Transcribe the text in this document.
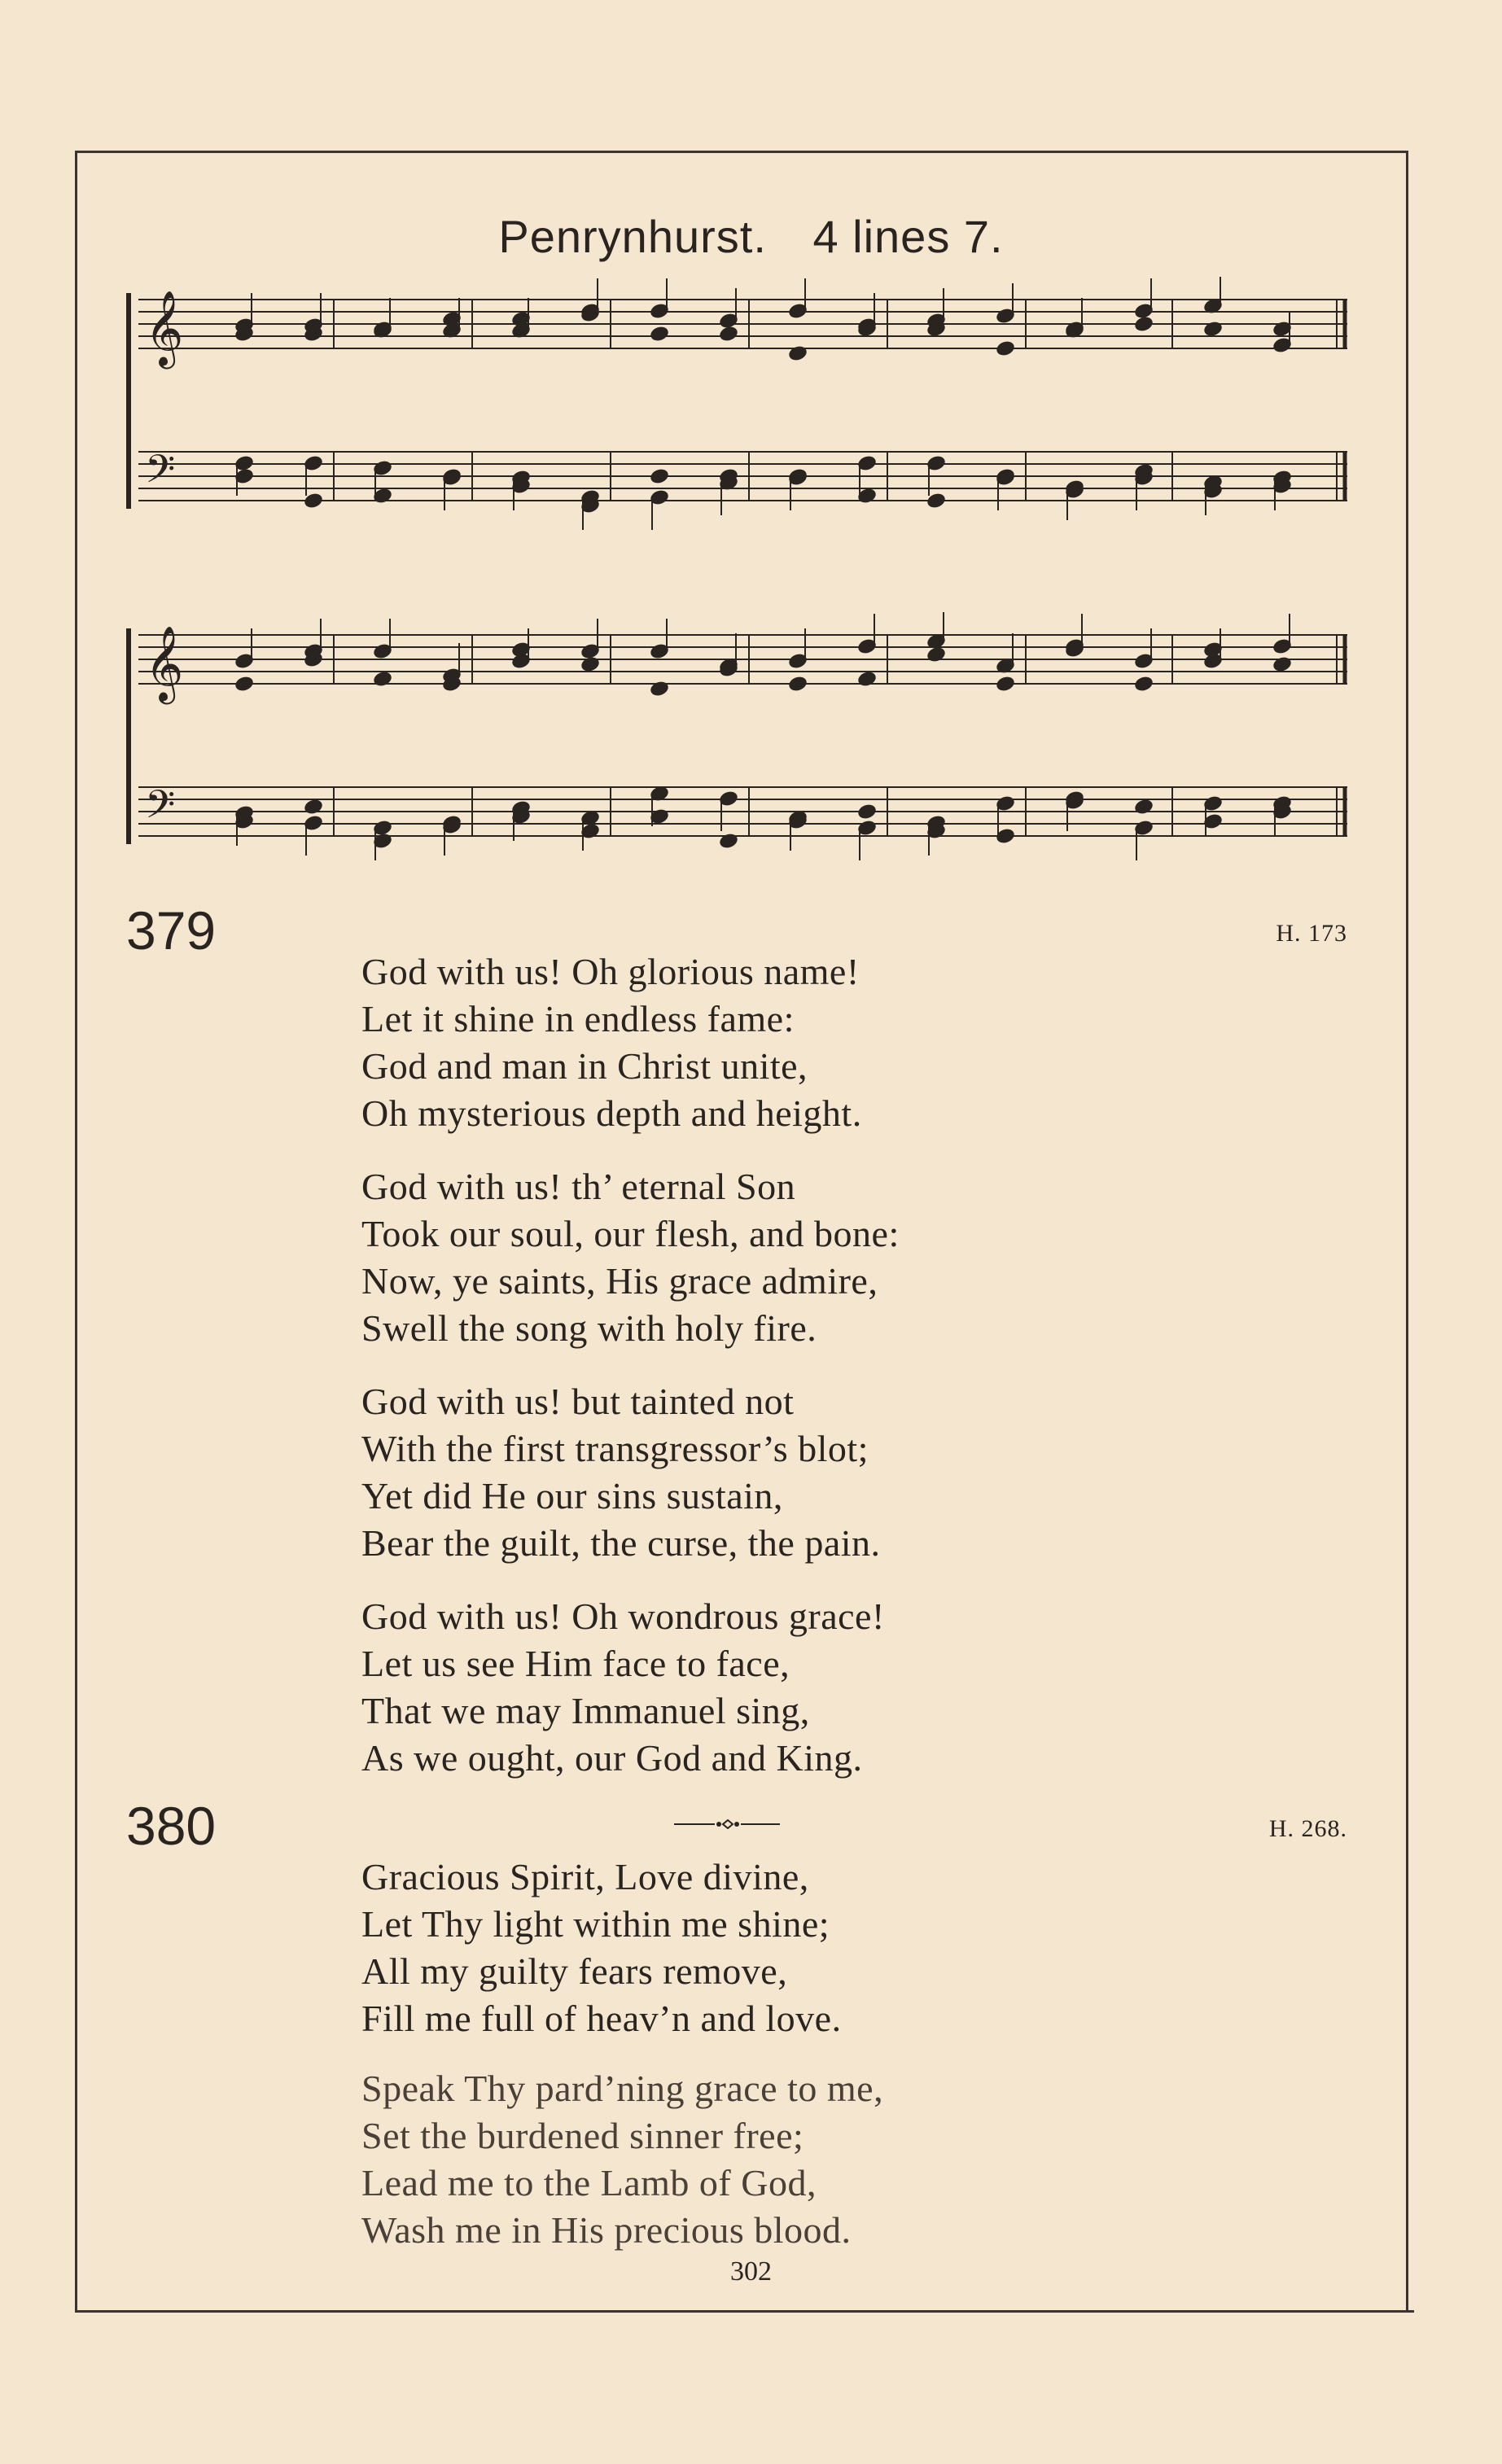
Penrynhurst. 4 lines 7.
𝄞
𝄢
𝄞
𝄢
379	H. 173
God with us! Oh glorious name!
Let it shine in endless fame:
God and man in Christ unite,
Oh mysterious depth and height.
God with us! th’ eternal Son
Took our soul, our flesh, and bone:
Now, ye saints, His grace admire,
Swell the song with holy fire.
God with us! but tainted not
With the first transgressor’s blot;
Yet did He our sins sustain,
Bear the guilt, the curse, the pain.
God with us! Oh wondrous grace!
Let us see Him face to face,
That we may Immanuel sing,
As we ought, our God and King.
380	H. 268.
Gracious Spirit, Love divine,
Let Thy light within me shine;
All my guilty fears remove,
Fill me full of heav’n and love.
Speak Thy pard’ning grace to me,
Set the burdened sinner free;
Lead me to the Lamb of God,
Wash me in His precious blood.
302
